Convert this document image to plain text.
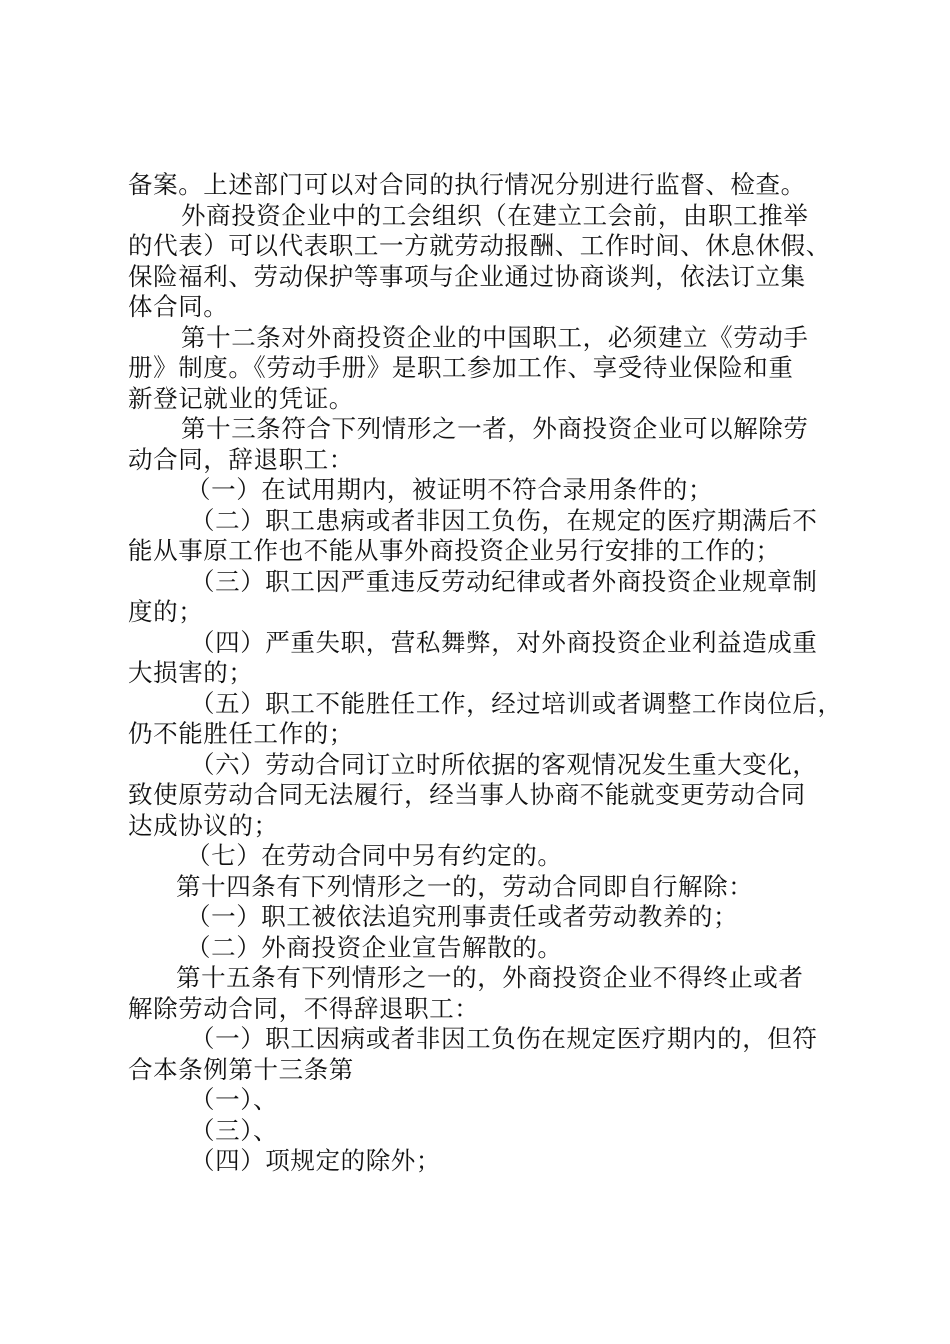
备案。上述部门可以对合同的执行情况分别进行监督、检查。
外商投资企业中的工会组织（在建立工会前，由职工推举
的代表）可以代表职工一方就劳动报酬、工作时间、休息休假、
保险福利、劳动保护等事项与企业通过协商谈判，依法订立集
体合同。
第十二条对外商投资企业的中国职工，必须建立《劳动手
册》制度。《劳动手册》是职工参加工作、享受待业保险和重
新登记就业的凭证。
第十三条符合下列情形之一者，外商投资企业可以解除劳
动合同，辞退职工：
（一）在试用期内，被证明不符合录用条件的；
（二）职工患病或者非因工负伤，在规定的医疗期满后不
能从事原工作也不能从事外商投资企业另行安排的工作的；
（三）职工因严重违反劳动纪律或者外商投资企业规章制
度的；
（四）严重失职，营私舞弊，对外商投资企业利益造成重
大损害的；
（五）职工不能胜任工作，经过培训或者调整工作岗位后，
仍不能胜任工作的；
（六）劳动合同订立时所依据的客观情况发生重大变化，
致使原劳动合同无法履行，经当事人协商不能就变更劳动合同
达成协议的；
（七）在劳动合同中另有约定的。
第十四条有下列情形之一的，劳动合同即自行解除：
（一）职工被依法追究刑事责任或者劳动教养的；
（二）外商投资企业宣告解散的。
第十五条有下列情形之一的，外商投资企业不得终止或者
解除劳动合同，不得辞退职工：
（一）职工因病或者非因工负伤在规定医疗期内的，但符
合本条例第十三条第
（一）、
（三）、
（四）项规定的除外；
